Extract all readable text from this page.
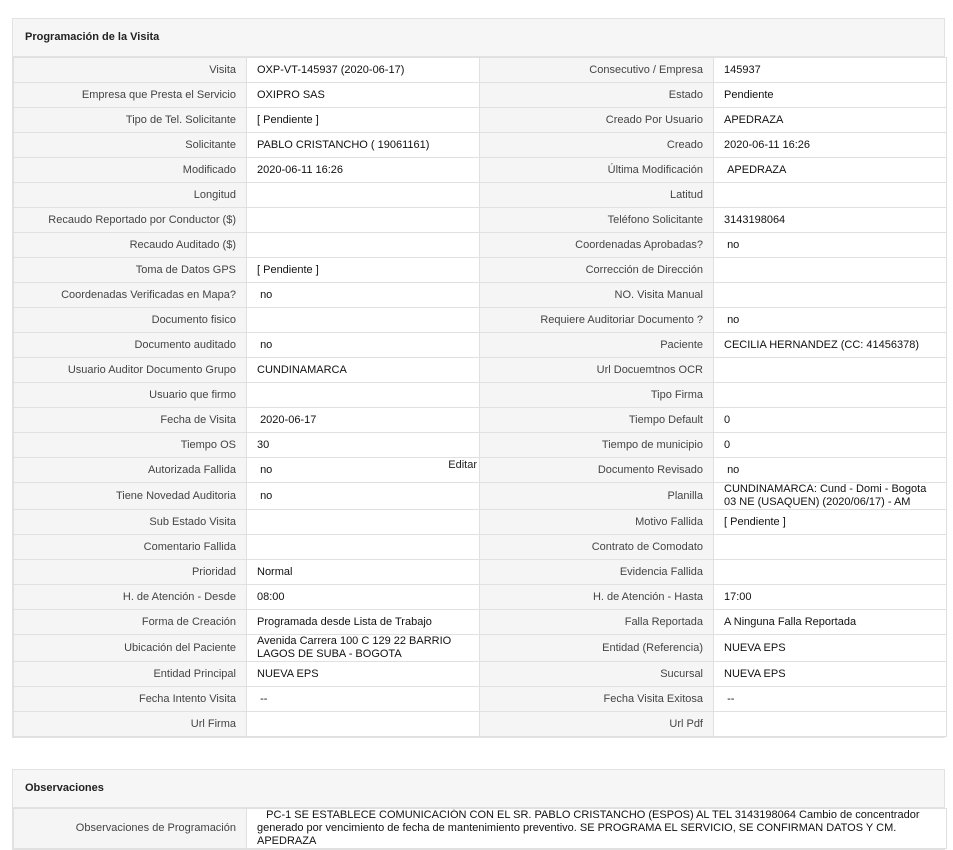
Programación de la Visita
Visita	OXP-VT-145937 (2020-06-17)	Consecutivo / Empresa	145937
Empresa que Presta el Servicio	OXIPRO SAS	Estado	Pendiente
Tipo de Tel. Solicitante	[ Pendiente ]	Creado Por Usuario	APEDRAZA
Solicitante	PABLO CRISTANCHO ( 19061161)	Creado	2020-06-11 16:26
Modificado	2020-06-11 16:26	Última Modificación	APEDRAZA
Longitud		Latitud	
Recaudo Reportado por Conductor ($)		Teléfono Solicitante	3143198064
Recaudo Auditado ($)		Coordenadas Aprobadas?	no
Toma de Datos GPS	[ Pendiente ]	Corrección de Dirección	
Coordenadas Verificadas en Mapa?	no	NO. Visita Manual	
Documento fisico		Requiere Auditoriar Documento ?	no
Documento auditado	no	Paciente	CECILIA HERNANDEZ (CC: 41456378)
Usuario Auditor Documento Grupo	CUNDINAMARCA	Url Docuemtnos OCR	
Usuario que firmo		Tipo Firma	
Fecha de Visita	2020-06-17	Tiempo Default	0
Tiempo OS	30	Tiempo de municipio	0
Autorizada Fallida	no Editar	Documento Revisado	no
Tiene Novedad Auditoria	no	Planilla	CUNDINAMARCA: Cund - Domi - Bogota 03 NE (USAQUEN) (2020/06/17) - AM
Sub Estado Visita		Motivo Fallida	[ Pendiente ]
Comentario Fallida		Contrato de Comodato	
Prioridad	Normal	Evidencia Fallida	
H. de Atención - Desde	08:00	H. de Atención - Hasta	17:00
Forma de Creación	Programada desde Lista de Trabajo	Falla Reportada	A Ninguna Falla Reportada
Ubicación del Paciente	Avenida Carrera 100 C 129 22 BARRIO LAGOS DE SUBA - BOGOTA	Entidad (Referencia)	NUEVA EPS
Entidad Principal	NUEVA EPS	Sucursal	NUEVA EPS
Fecha Intento Visita	--	Fecha Visita Exitosa	--
Url Firma		Url Pdf	
Observaciones
Observaciones de Programación	PC-1 SE ESTABLECE COMUNICACIÓN CON EL SR. PABLO CRISTANCHO (ESPOS) AL TEL 3143198064 Cambio de concentrador generado por vencimiento de fecha de mantenimiento preventivo. SE PROGRAMA EL SERVICIO, SE CONFIRMAN DATOS Y CM. APEDRAZA
